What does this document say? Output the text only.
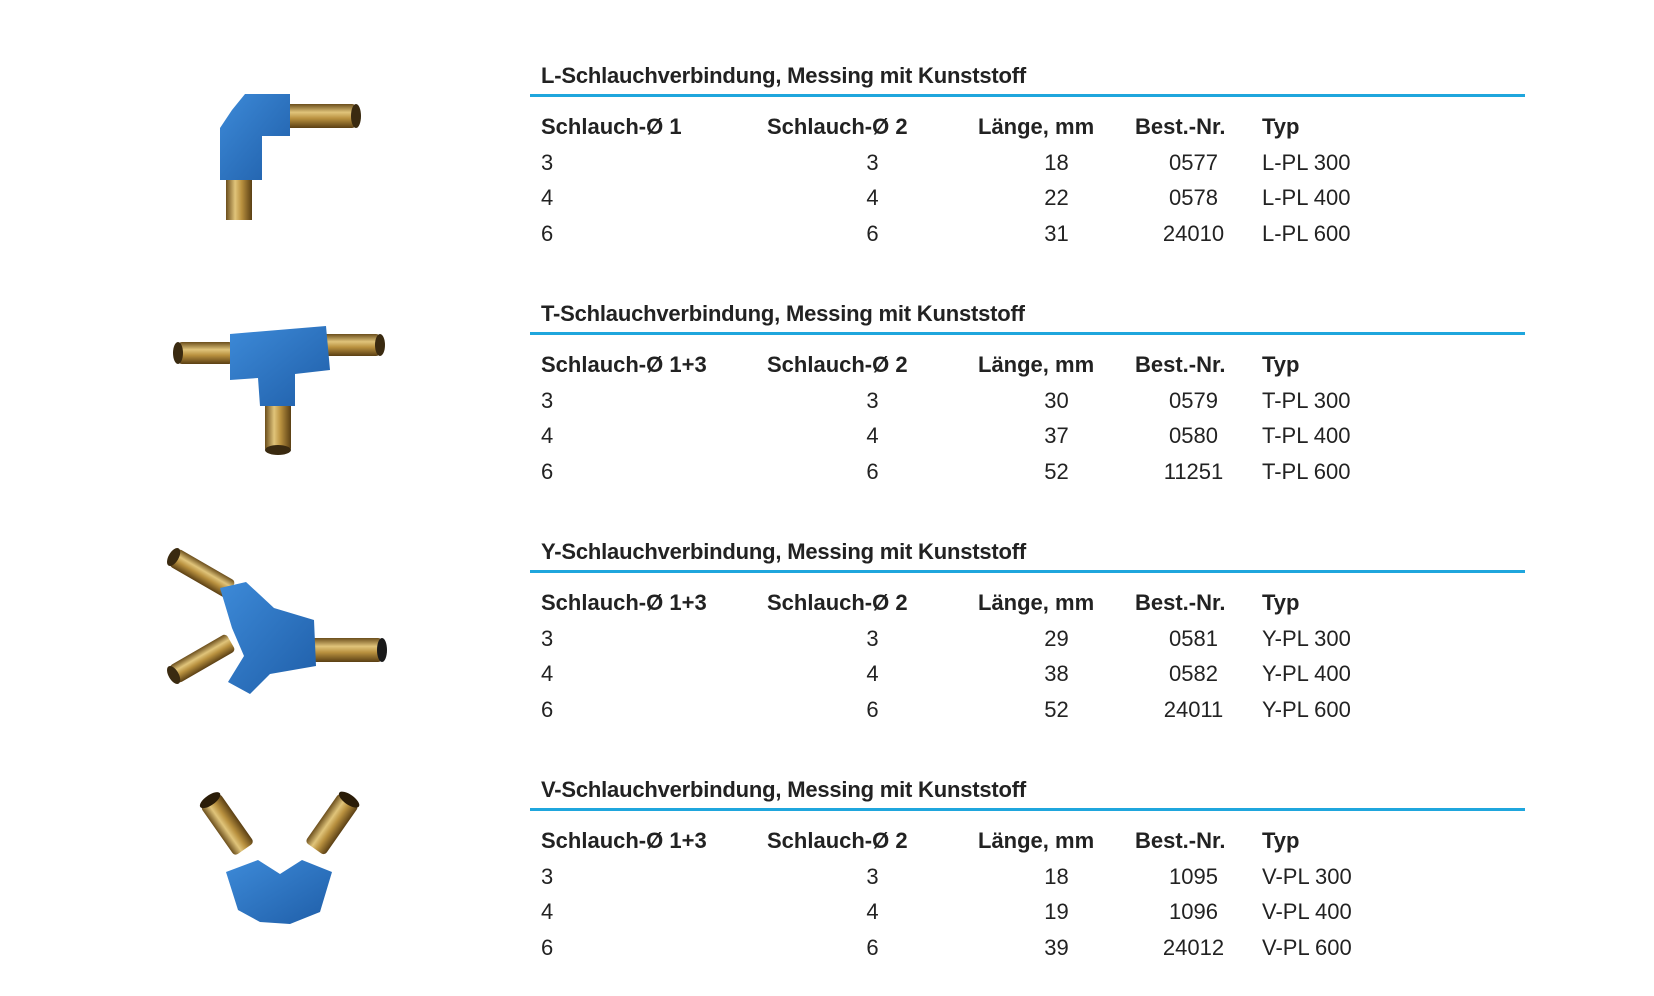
L-Schlauchverbindung, Messing mit Kunststoff
Schlauch-Ø 1	Schlauch-Ø 2	Länge, mm	Best.-Nr.	Typ
3	3	18	0577	L-PL 300
4	4	22	0578	L-PL 400
6	6	31	24010	L-PL 600
T-Schlauchverbindung, Messing mit Kunststoff
Schlauch-Ø 1+3	Schlauch-Ø 2	Länge, mm	Best.-Nr.	Typ
3	3	30	0579	T-PL 300
4	4	37	0580	T-PL 400
6	6	52	11251	T-PL 600
Y-Schlauchverbindung, Messing mit Kunststoff
Schlauch-Ø 1+3	Schlauch-Ø 2	Länge, mm	Best.-Nr.	Typ
3	3	29	0581	Y-PL 300
4	4	38	0582	Y-PL 400
6	6	52	24011	Y-PL 600
V-Schlauchverbindung, Messing mit Kunststoff
Schlauch-Ø 1+3	Schlauch-Ø 2	Länge, mm	Best.-Nr.	Typ
3	3	18	1095	V-PL 300
4	4	19	1096	V-PL 400
6	6	39	24012	V-PL 600
